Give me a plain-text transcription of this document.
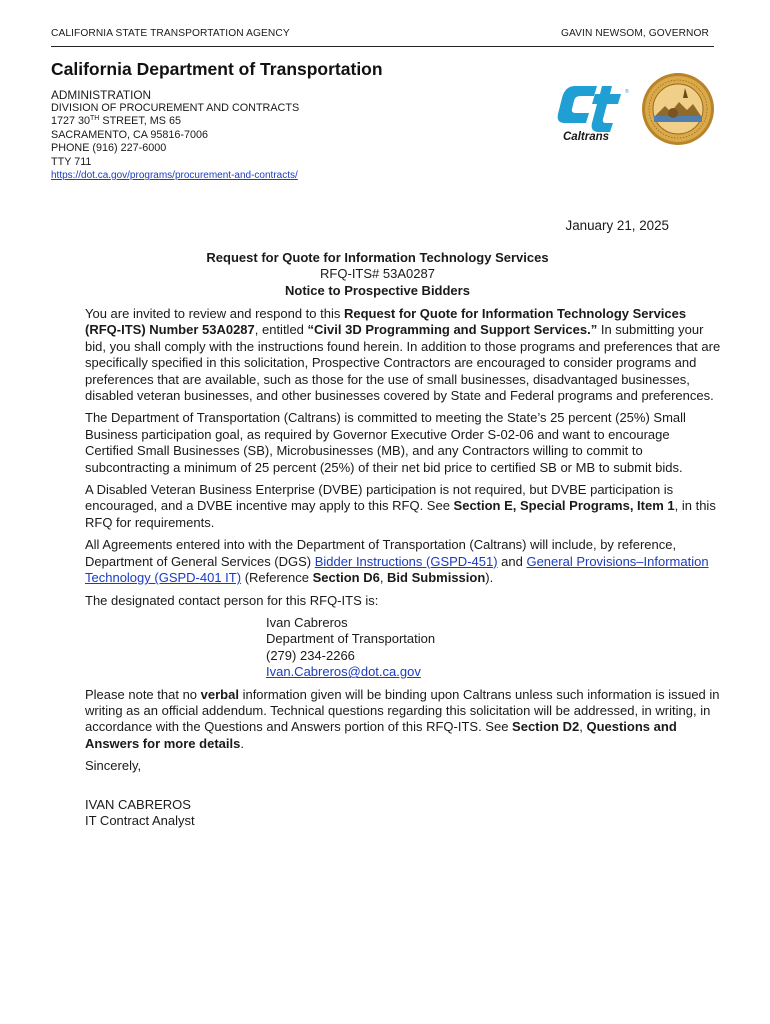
CALIFORNIA STATE TRANSPORTATION AGENCY	GAVIN NEWSOM, GOVERNOR
California Department of Transportation
ADMINISTRATION
DIVISION OF PROCUREMENT AND CONTRACTS
1727 30TH STREET, MS 65
SACRAMENTO, CA 95816-7006
PHONE (916) 227-6000
TTY 711
https://dot.ca.gov/programs/procurement-and-contracts/
®
Caltrans
January 21, 2025
Request for Quote for Information Technology Services
RFQ-ITS# 53A0287
Notice to Prospective Bidders

You are invited to review and respond to this Request for Quote for Information Technology Services (RFQ-ITS) Number 53A0287, entitled “Civil 3D Programming and Support Services.” In submitting your bid, you shall comply with the instructions found herein. In addition to those programs and preferences that are specifically specified in this solicitation, Prospective Contractors are encouraged to consider programs and preferences that are available, such as those for the use of small businesses, disadvantaged businesses, disabled veteran businesses, and other businesses covered by State and Federal programs and preferences.

The Department of Transportation (Caltrans) is committed to meeting the State’s 25 percent (25%) Small Business participation goal, as required by Governor Executive Order S-02-06 and want to encourage Certified Small Businesses (SB), Microbusinesses (MB), and any Contractors willing to commit to subcontracting a minimum of 25 percent (25%) of their net bid price to certified SB or MB to submit bids.

A Disabled Veteran Business Enterprise (DVBE) participation is not required, but DVBE participation is encouraged, and a DVBE incentive may apply to this RFQ. See Section E, Special Programs, Item 1, in this RFQ for requirements.

All Agreements entered into with the Department of Transportation (Caltrans) will include, by reference, Department of General Services (DGS) Bidder Instructions (GSPD-451) and General Provisions–Information Technology (GSPD-401 IT) (Reference Section D6, Bid Submission).

The designated contact person for this RFQ-ITS is:

Ivan Cabreros
Department of Transportation
(279) 234-2266
Ivan.Cabreros@dot.ca.gov

Please note that no verbal information given will be binding upon Caltrans unless such information is issued in writing as an official addendum. Technical questions regarding this solicitation will be addressed, in writing, in accordance with the Questions and Answers portion of this RFQ-ITS. See Section D2, Questions and Answers for more details.

Sincerely,

IVAN CABREROS
IT Contract Analyst
